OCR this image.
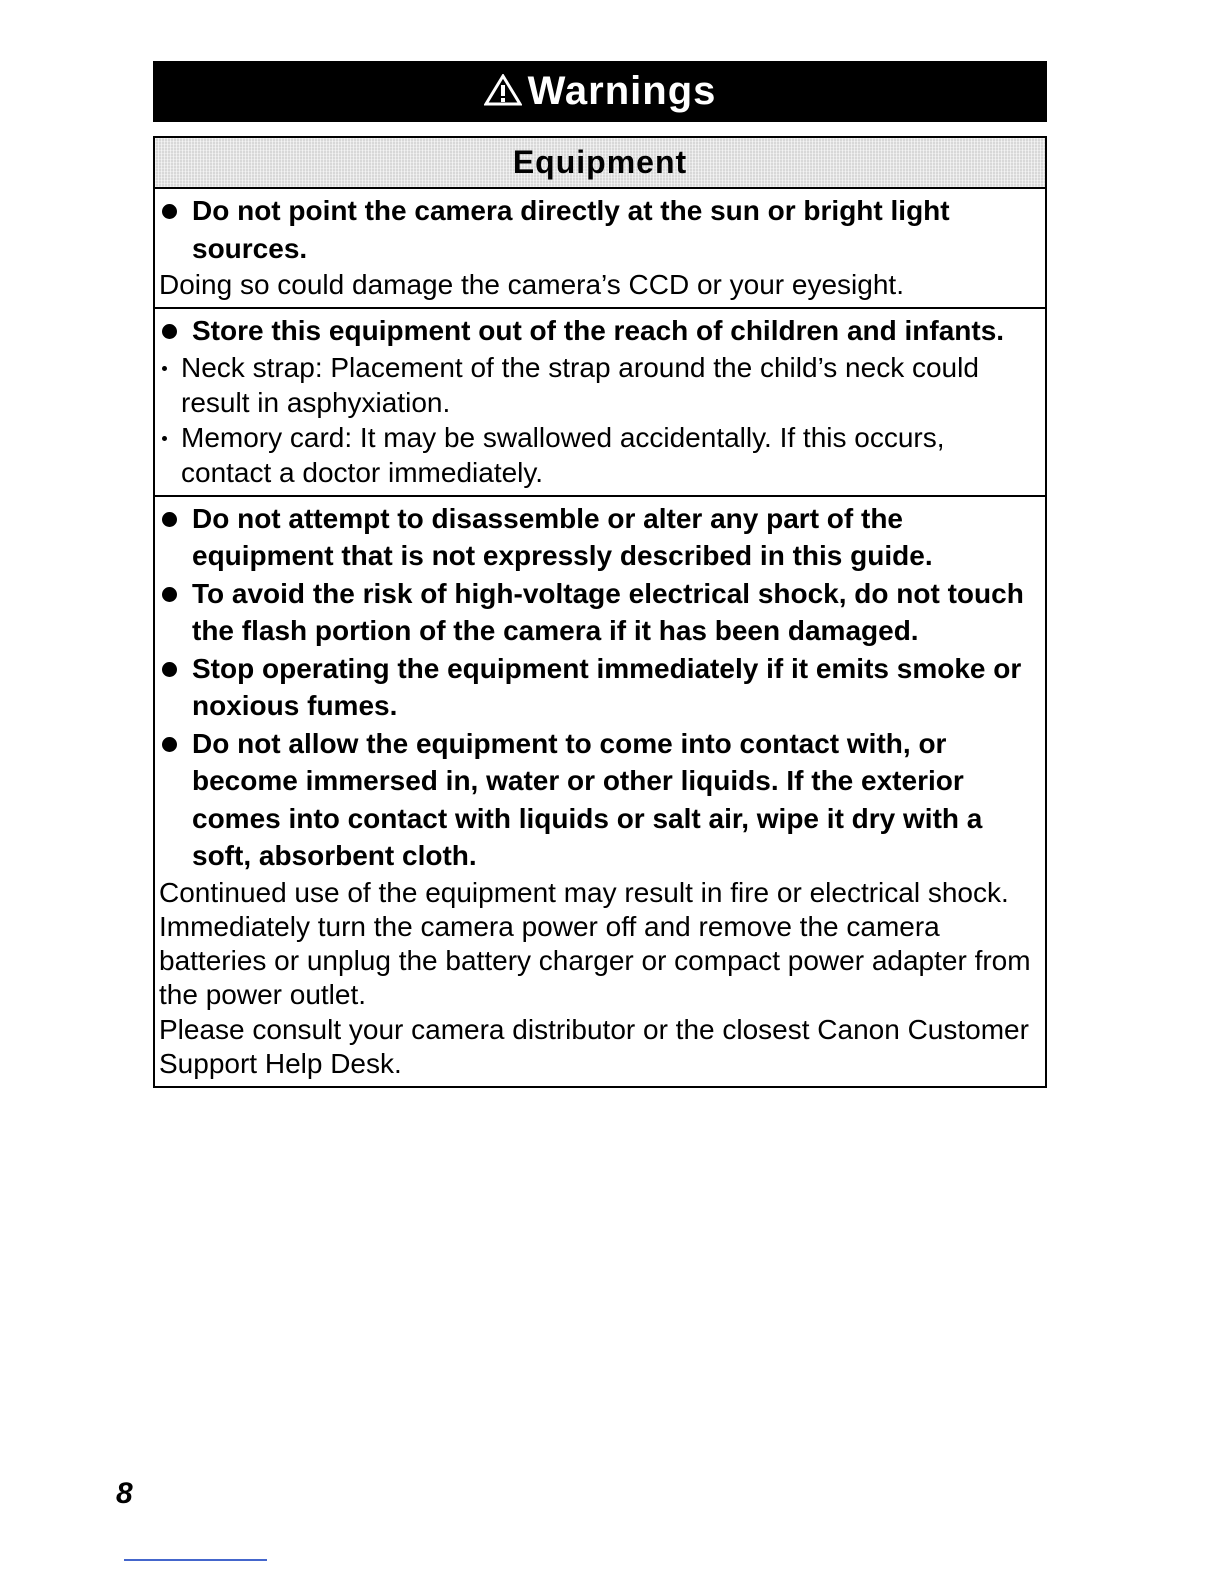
Warnings
Equipment
Do not point the camera directly at the sun or bright light sources.
Doing so could damage the camera’s CCD or your eyesight.
Store this equipment out of the reach of children and infants.
Neck strap: Placement of the strap around the child’s neck could result in asphyxiation.
Memory card: It may be swallowed accidentally. If this occurs, contact a doctor immediately.
Do not attempt to disassemble or alter any part of the equipment that is not expressly described in this guide.
To avoid the risk of high-voltage electrical shock, do not touch the flash portion of the camera if it has been damaged.
Stop operating the equipment immediately if it emits smoke or noxious fumes.
Do not allow the equipment to come into contact with, or become immersed in, water or other liquids. If the exterior comes into contact with liquids or salt air, wipe it dry with a soft, absorbent cloth.
Continued use of the equipment may result in fire or electrical shock. Immediately turn the camera power off and remove the camera batteries or unplug the battery charger or compact power adapter from the power outlet.
Please consult your camera distributor or the closest Canon Customer Support Help Desk.
8
